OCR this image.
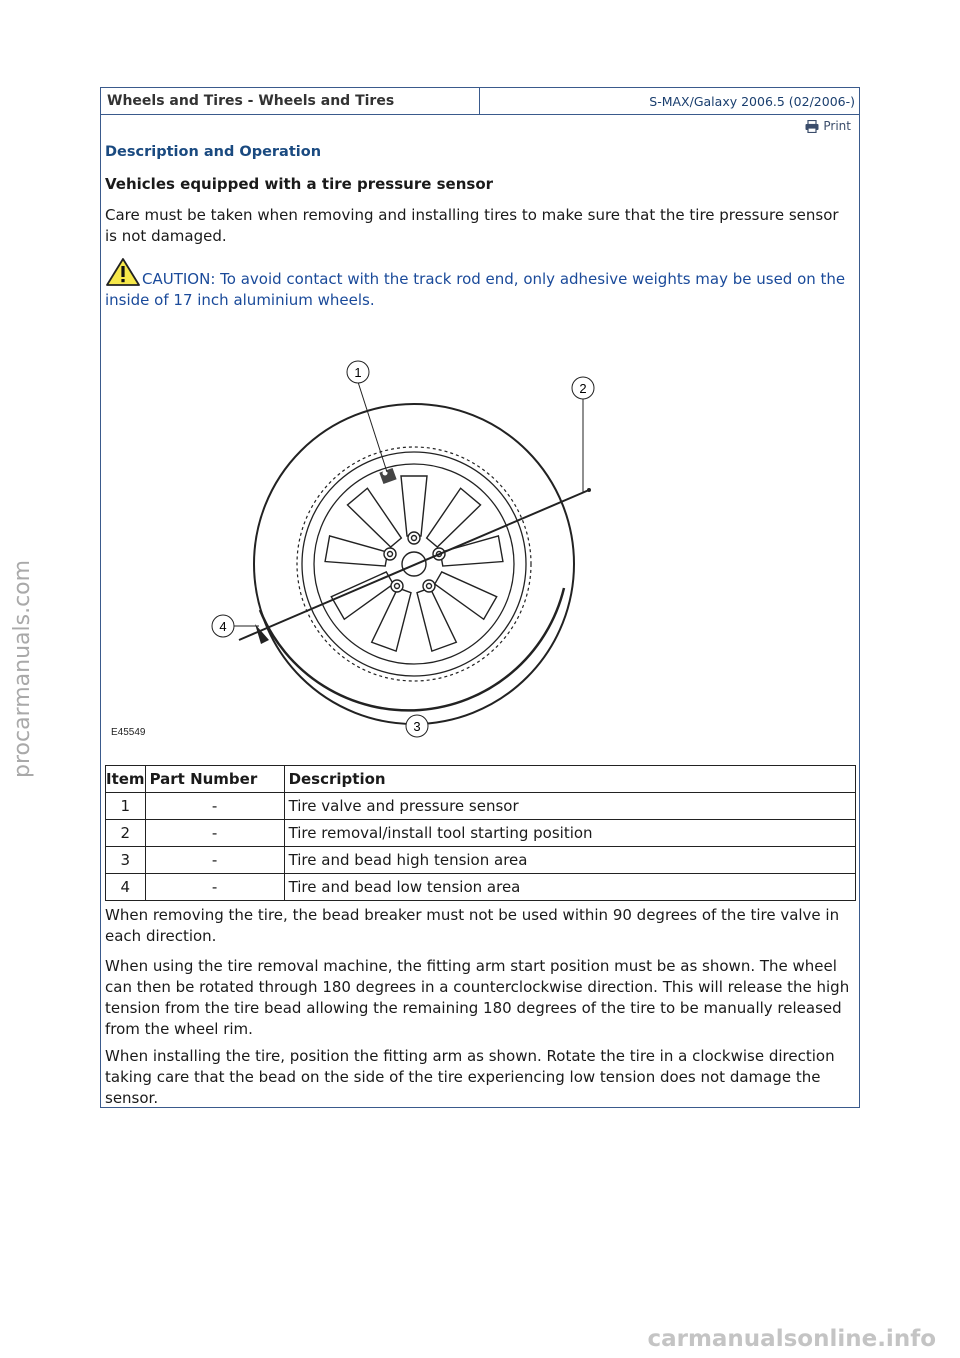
Wheels and Tires - Wheels and Tires	S-MAX/Galaxy 2006.5 (02/2006-)
Print
Description and Operation
Vehicles equipped with a tire pressure sensor
Care must be taken when removing and installing tires to make sure that the tire pressure sensor is not damaged.
CAUTION: To avoid contact with the track rod end, only adhesive weights may be used on the inside of 17 inch aluminium wheels.
1
2
3
4
E45549
Item	Part Number	Description
1	-	Tire valve and pressure sensor
2	-	Tire removal/install tool starting position
3	-	Tire and bead high tension area
4	-	Tire and bead low tension area
When removing the tire, the bead breaker must not be used within 90 degrees of the tire valve in each direction.
When using the tire removal machine, the fitting arm start position must be as shown. The wheel can then be rotated through 180 degrees in a counterclockwise direction. This will release the high tension from the tire bead allowing the remaining 180 degrees of the tire to be manually released from the wheel rim.
When installing the tire, position the fitting arm as shown. Rotate the tire in a clockwise direction taking care that the bead on the side of the tire experiencing low tension does not damage the sensor.
procarmanuals.com
carmanualsonline.info
